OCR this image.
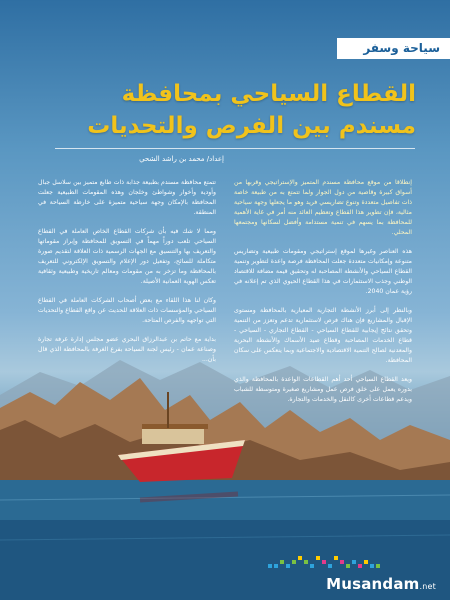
سياحة وسفر
القطاع السياحي بمحافظة
مسندم بين الفرص والتحديات
إعداد/ محمد بن راشد الشحي

إنطلاقا من موقع محافظة مسندم المتميز والإستراتيجي وقربها من أسواق كبيرة وقاصية من دول الجوار ولما تتمتع به من طبيعة خاصة ذات تفاصيل متعددة وتنوع تضاريسي فريد وهو ما يجعلها وجهة سياحية مثالية، فإن تطوير هذا القطاع وتعظيم العائد منه أمر في غاية الأهمية للمحافظة بما يسهم في تنمية مستدامة وأفضل لسكانها ومجتمعها المحلي.

هذه العناصر وغيرها لموقع إستراتيجي ومقومات طبيعية وتضاريس متنوعة وإمكانيات متعددة جعلت المحافظة فرصة واعدة لتطوير وتنمية القطاع السياحي والأنشطة المصاحبة له وتحقيق قيمة مضافة للاقتصاد الوطني وجذب الاستثمارات في هذا القطاع الحيوي الذي تم إعلانه في رؤية عمان 2040.

وبالنظر إلى أبرز الأنشطة التجارية المعيارية بالمحافظة ومستوى الإقبال والمشاريع فإن هناك فرص لاستثمارية تدعم وتعزز من التنمية وتحقق نتائج إيجابية للقطاع السياحي - القطاع التجاري - السياحي - قطاع الخدمات المصاحبة وقطاع صيد الأسماك والأنشطة البحرية والمعدنية لصالح التنمية الاقتصادية والاجتماعية وبما ينعكس على سكان المحافظة.

ويعد القطاع السياحي أحد أهم القطاعات الواعدة بالمحافظة والذي بدوره يعمل على خلق فرص عمل ومشاريع صغيرة ومتوسطة للشباب ويدعم قطاعات أخرى كالنقل والخدمات والتجارة.

تتمتع محافظة مسندم بطبيعة جذابة ذات طابع متميز بين سلاسل جبال وأودية وأخوار وشواطئ وخلجان وهذه المقومات الطبيعية جعلت المحافظة بالإمكان وجهة سياحية متميزة على خارطة السياحة في المنطقة.

ومما لا شك فيه بأن شركات القطاع الخاص العاملة في القطاع السياحي تلعب دوراً مهماً في التسويق للمحافظة وإبراز مقوماتها والتعريف بها والتنسيق مع الجهات الرسمية ذات العلاقة لتقديم صورة متكاملة للسائح، وتفعيل دور الإعلام والتسويق الإلكتروني للتعريف بالمحافظة وما تزخر به من مقومات ومعالم تاريخية وطبيعية وثقافية تعكس الهوية العمانية الأصيلة.

وكان لنا هذا اللقاء مع بعض أصحاب الشركات العاملة في القطاع السياحي والمؤسسات ذات العلاقة للحديث عن واقع القطاع والتحديات التي تواجهه والفرص المتاحة.

بداية مع حاتم بن عبدالرزاق البحري عضو مجلس إدارة غرفة تجارة وصناعة عمان - رئيس لجنة السياحة بفرع الغرفة بالمحافظة الذي قال بأن...

Musandam.net
